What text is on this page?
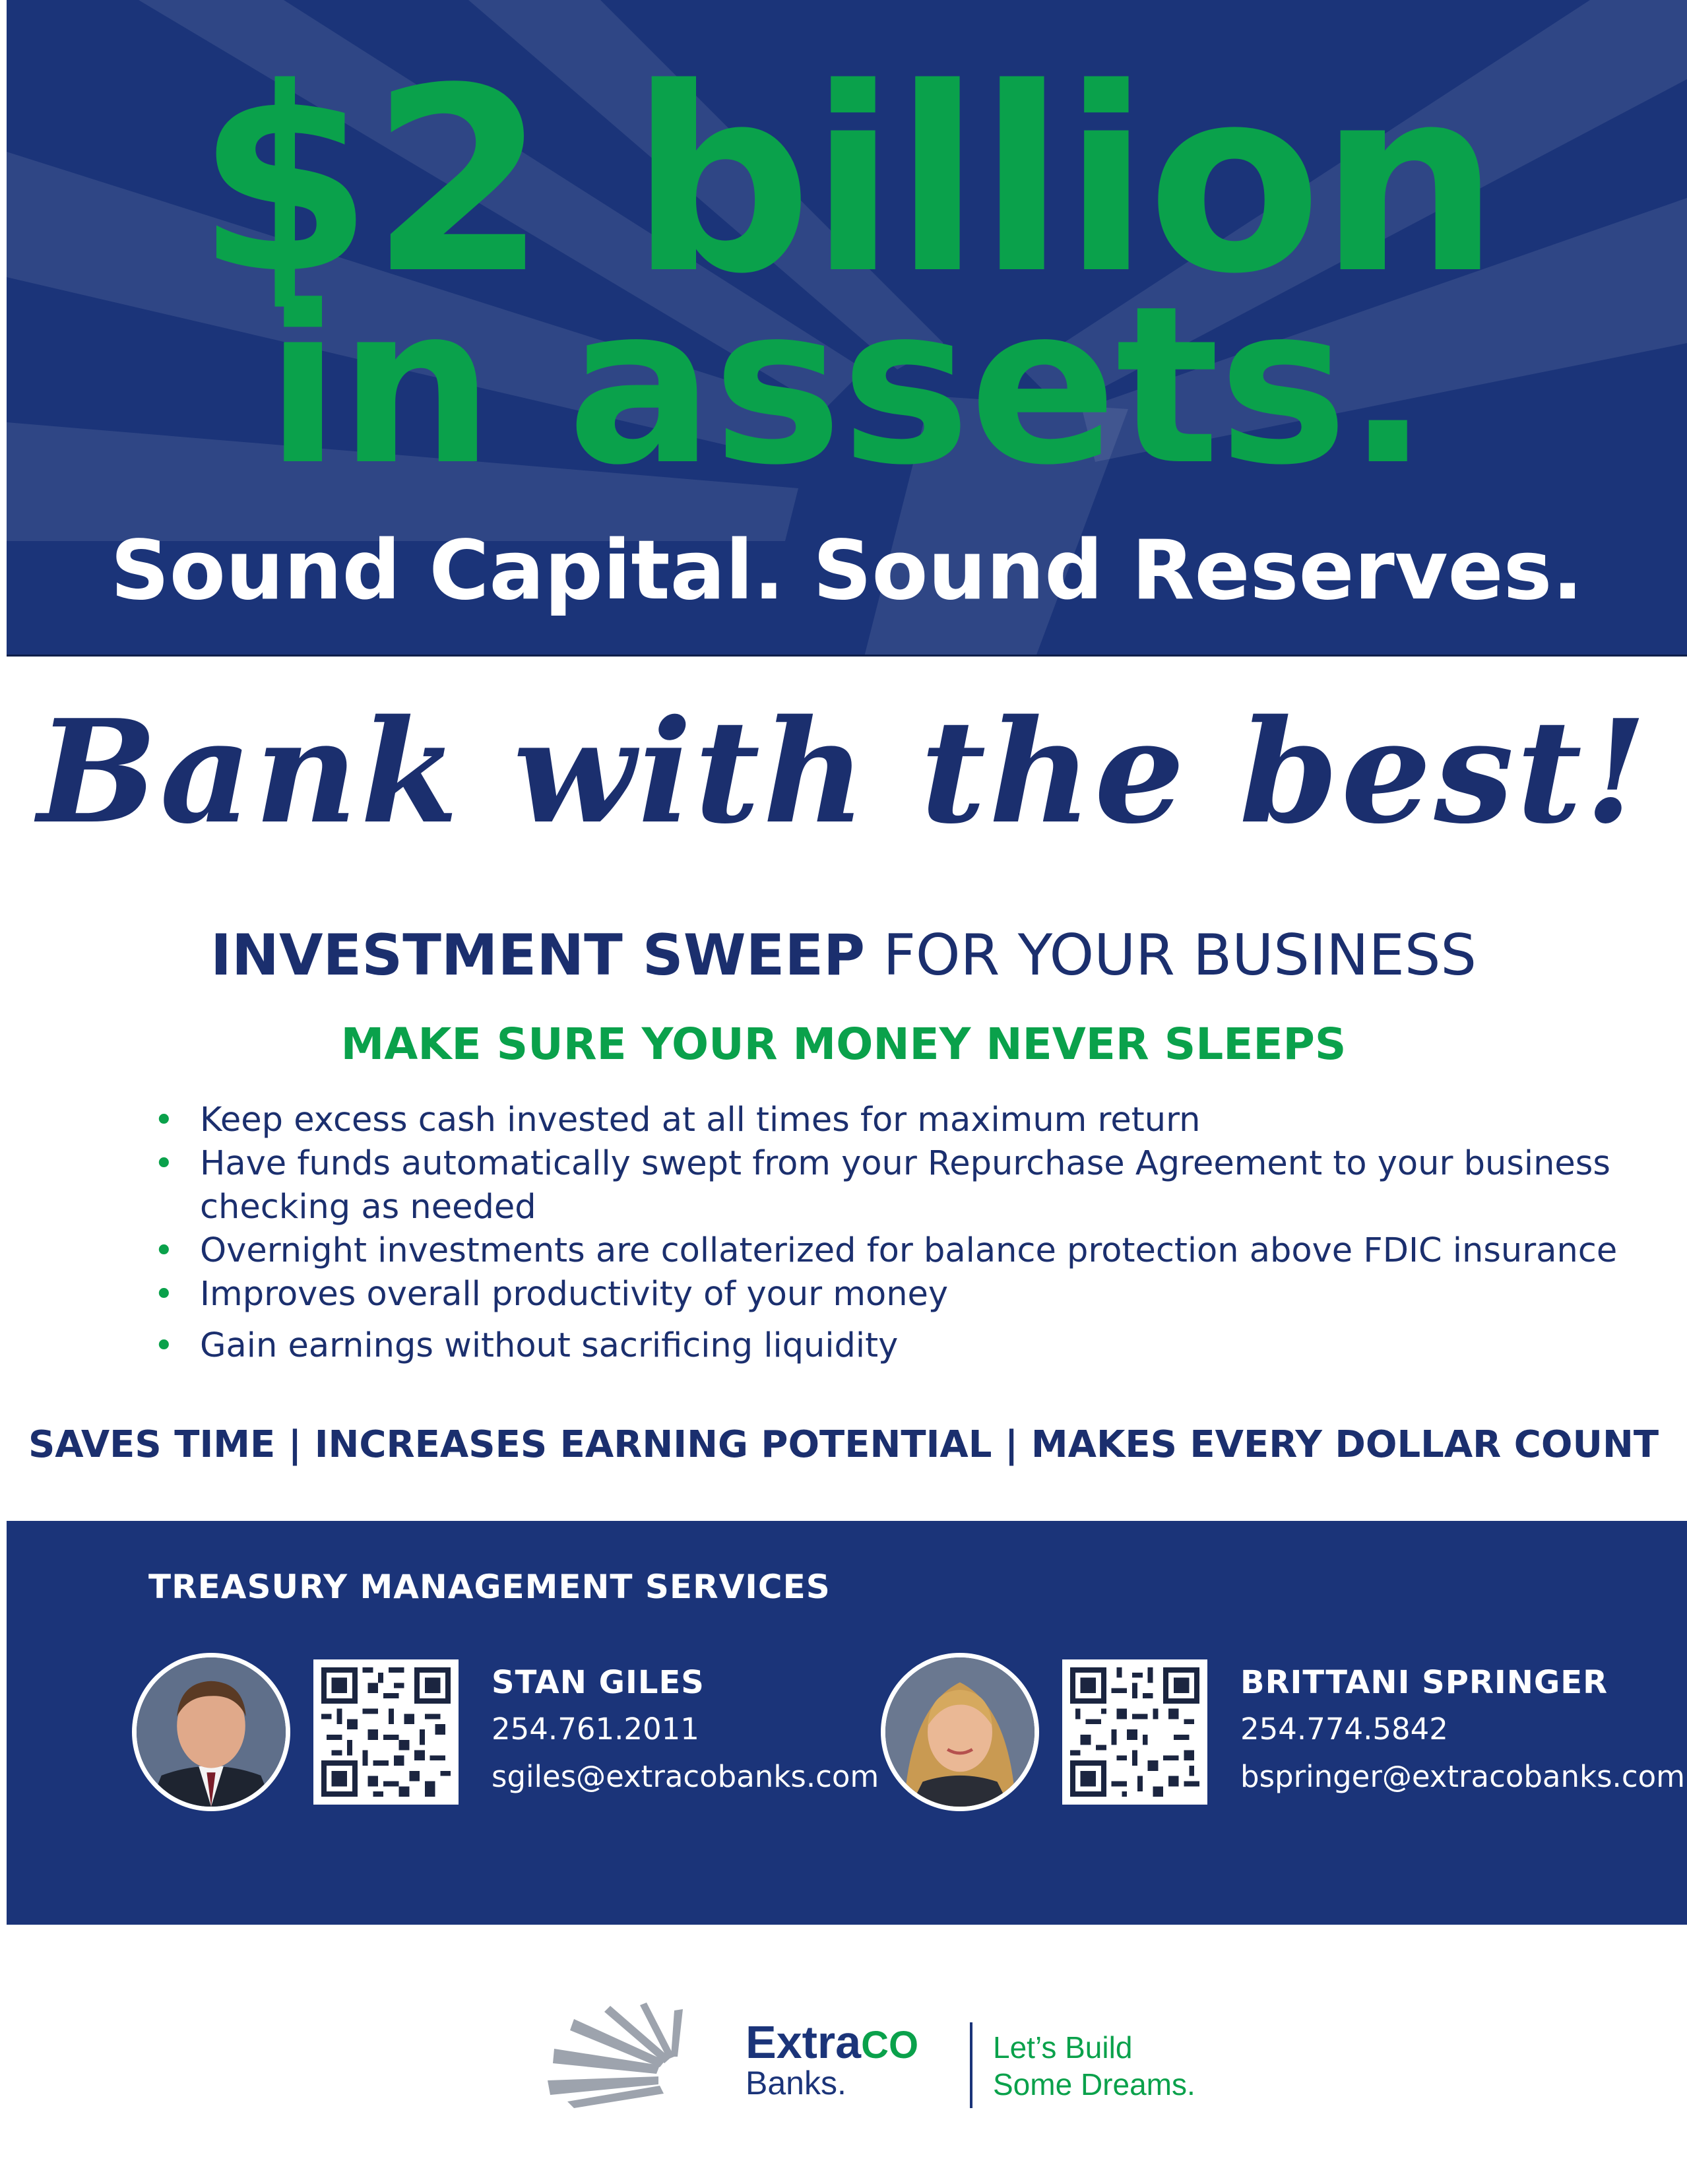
$2 billion
in assets.
Sound Capital. Sound Reserves.
Bank with the best!
INVESTMENT SWEEP FOR YOUR BUSINESS
MAKE SURE YOUR MONEY NEVER SLEEPS
• Keep excess cash invested at all times for maximum return
• Have funds automatically swept from your Repurchase Agreement to your business checking as needed
• Overnight investments are collaterized for balance protection above FDIC insurance
• Improves overall productivity of your money
• Gain earnings without sacrificing liquidity
SAVES TIME | INCREASES EARNING POTENTIAL | MAKES EVERY DOLLAR COUNT
TREASURY MANAGEMENT SERVICES
STAN GILES
254.761.2011
sgiles@extracobanks.com
BRITTANI SPRINGER
254.774.5842
bspringer@extracobanks.com
ExtraCO
Banks.
Let’s Build
Some Dreams.
